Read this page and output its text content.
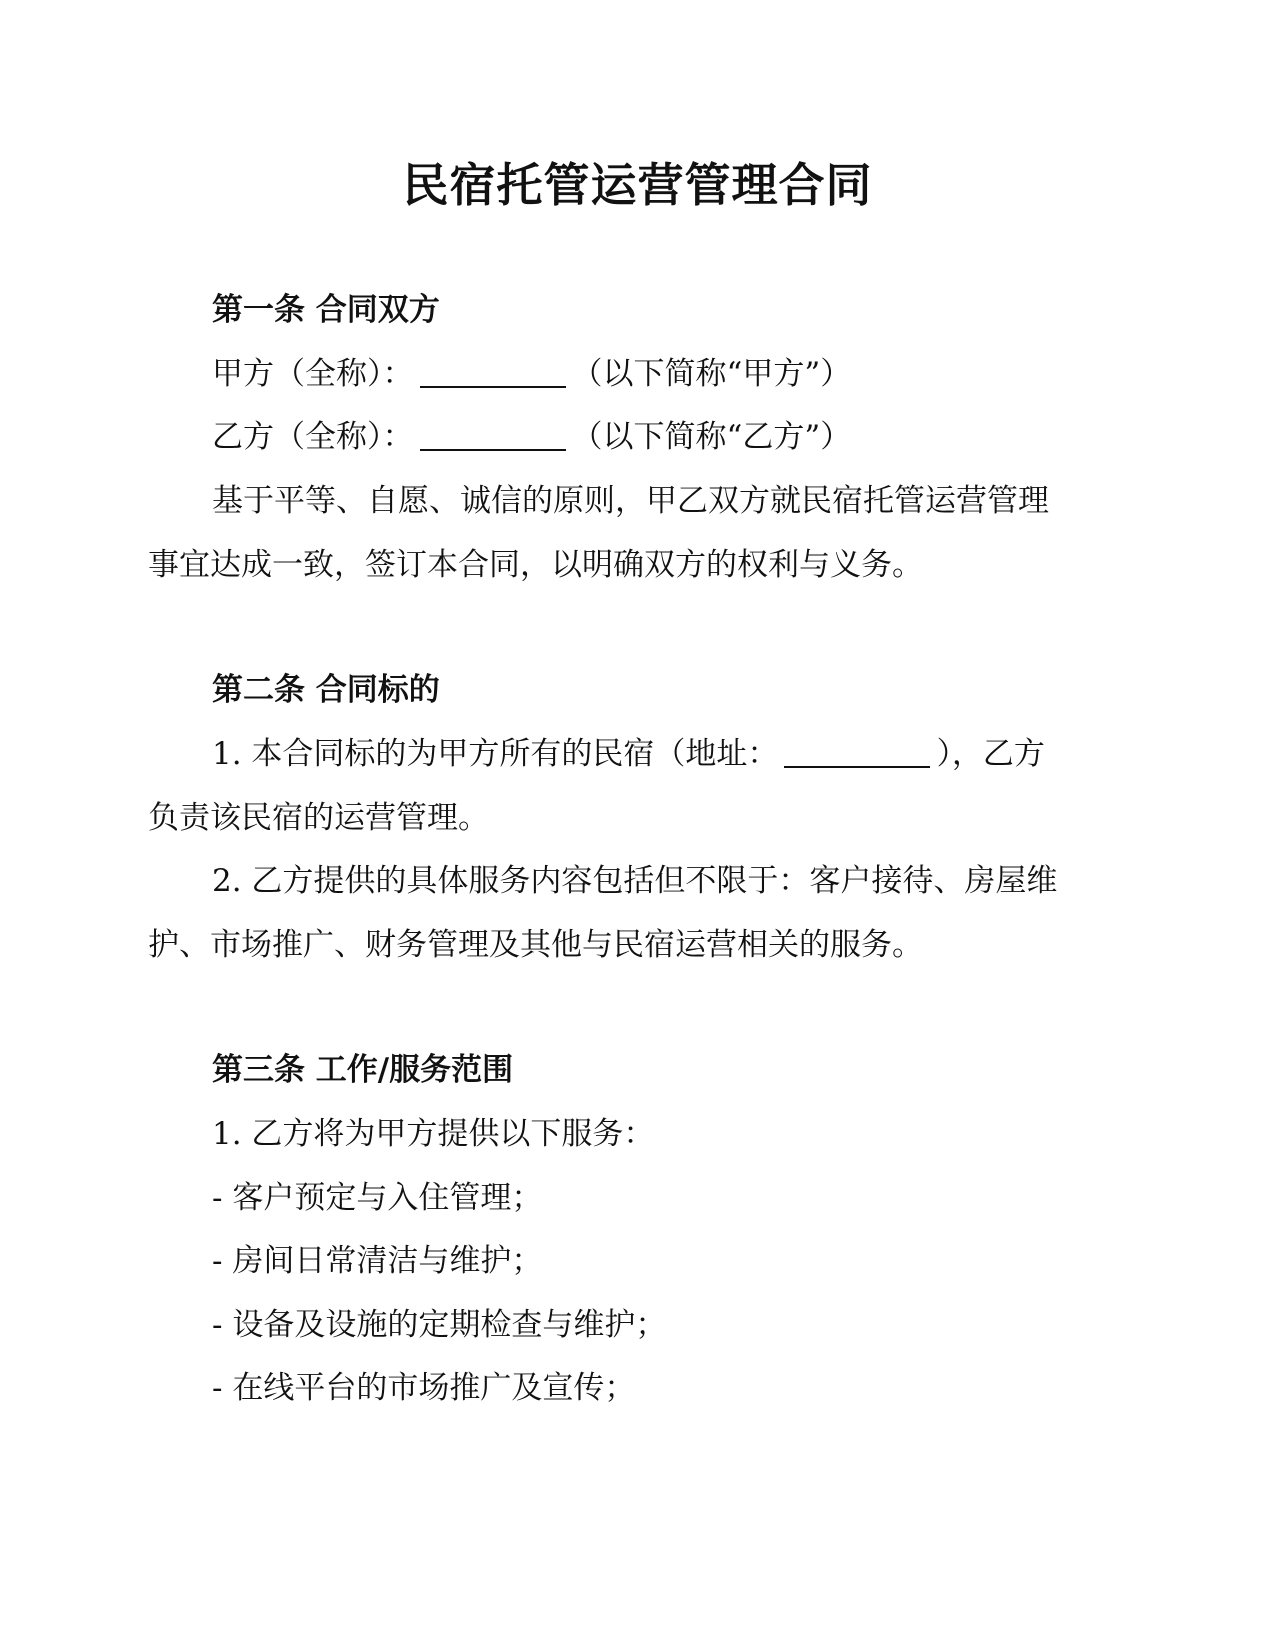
民宿托管运营管理合同
第一条 合同双方

甲方（全称）：	（以下简称“甲方”）

乙方（全称）：	（以下简称“乙方”）

基于平等、自愿、诚信的原则，甲乙双方就民宿托管运营管理

事宜达成一致，签订本合同，以明确双方的权利与义务。

第二条 合同标的

1. 本合同标的为甲方所有的民宿（地址：	），乙方

负责该民宿的运营管理。

2. 乙方提供的具体服务内容包括但不限于：客户接待、房屋维

护、市场推广、财务管理及其他与民宿运营相关的服务。

第三条 工作/服务范围

1. 乙方将为甲方提供以下服务：

- 客户预定与入住管理；

- 房间日常清洁与维护；

- 设备及设施的定期检查与维护；

- 在线平台的市场推广及宣传；
